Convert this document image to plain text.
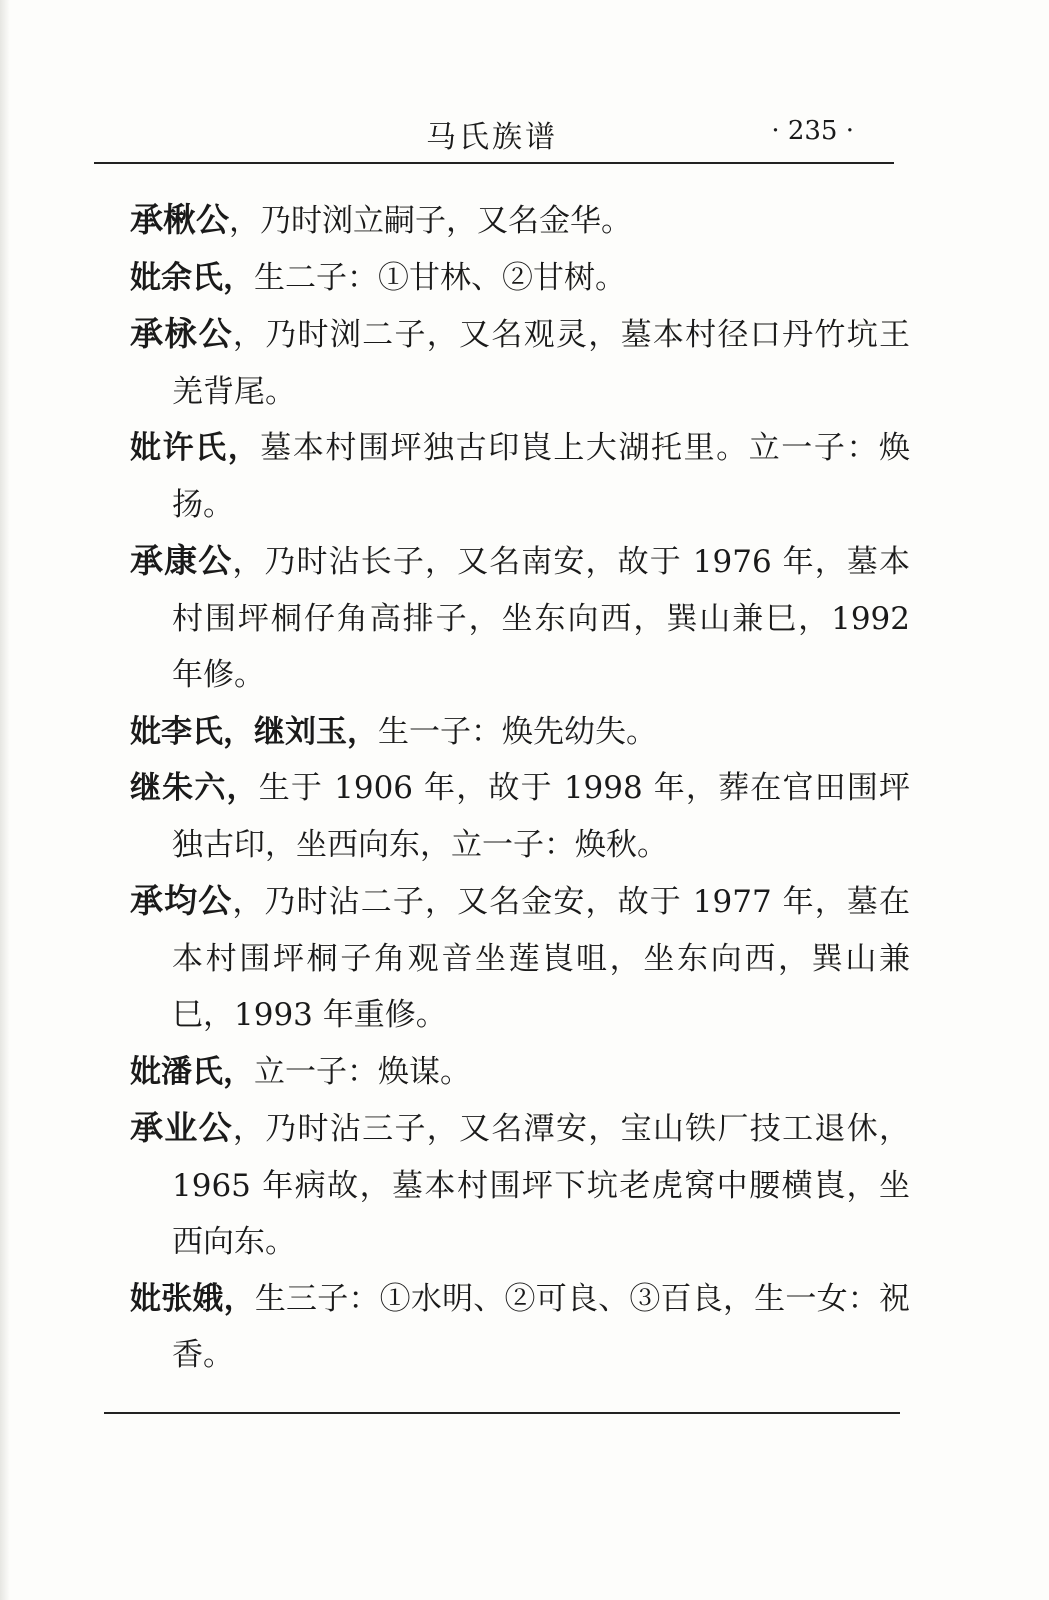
马氏族谱	· 235 ·

承楸公，乃时浏立嗣子，又名金华。

妣余氏，生二子：①甘林、②甘树。

承栐公，乃时浏二子，又名观灵，墓本村径口丹竹坑王羌背尾。

妣许氏，墓本村围坪独古印崀上大湖托里。立一子：焕扬。

承康公，乃时沾长子，又名南安，故于 1976 年，墓本村围坪桐仔角高排子，坐东向西，巽山兼巳，1992 年修。

妣李氏，继刘玉，生一子：焕先幼失。

继朱六，生于 1906 年，故于 1998 年，葬在官田围坪独古印，坐西向东，立一子：焕秋。

承均公，乃时沾二子，又名金安，故于 1977 年，墓在本村围坪桐子角观音坐莲崀咀，坐东向西，巽山兼巳，1993 年重修。

妣潘氏，立一子：焕谋。

承业公，乃时沾三子，又名潭安，宝山铁厂技工退休，1965 年病故，墓本村围坪下坑老虎窝中腰横崀，坐西向东。

妣张娥，生三子：①水明、②可良、③百良，生一女：祝香。
